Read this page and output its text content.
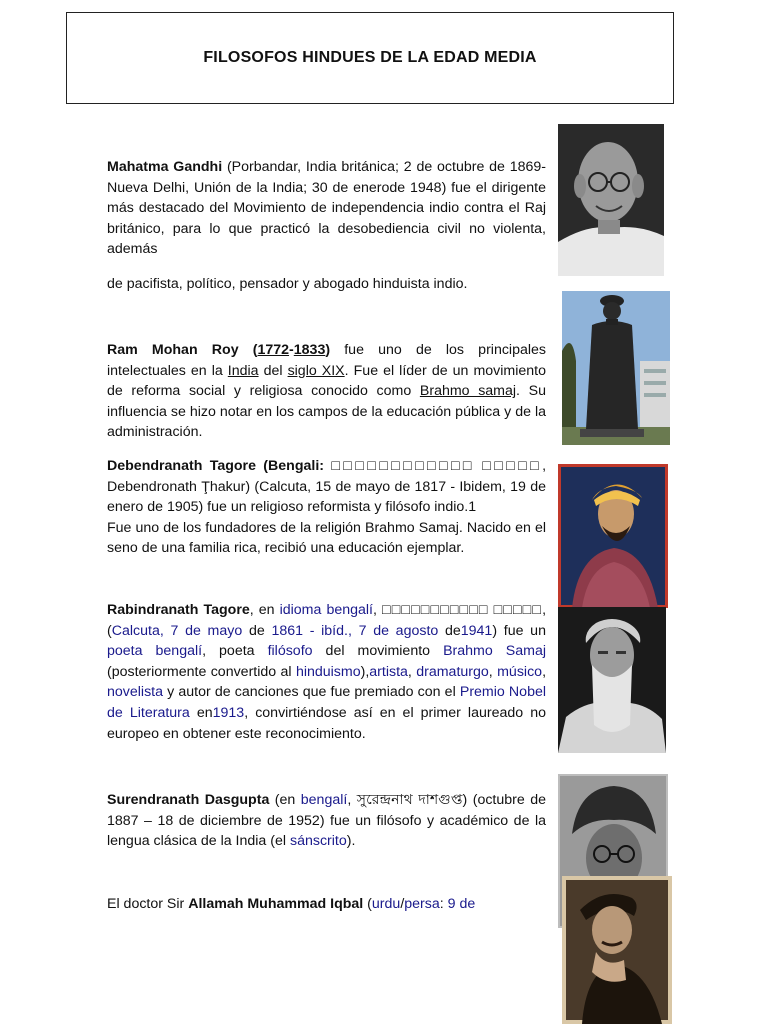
FILOSOFOS HINDUES DE LA EDAD MEDIA

Mahatma Gandhi (Porbandar, India británica; 2 de octubre de 1869-Nueva Delhi, Unión de la India; 30 de enerode 1948) fue el dirigente más destacado del Movimiento de independencia indio contra el Raj británico, para lo que practicó la desobediencia civil no violenta, además

de pacifista, político, pensador y abogado hinduista indio.

Ram Mohan Roy (1772-1833) fue uno de los principales intelectuales en la India del siglo XIX. Fue el líder de un movimiento de reforma social y religiosa conocido como Brahmo samaj. Su influencia se hizo notar en los campos de la educación pública y de la administración.

Debendranath Tagore (Bengali: □□□□□□□□□□□□ □□□□□, Debendronath Ţhakur) (Calcuta, 15 de mayo de 1817 - Ibidem, 19 de enero de 1905) fue un religioso reformista y filósofo indio.1
Fue uno de los fundadores de la religión Brahmo Samaj. Nacido en el seno de una familia rica, recibió una educación ejemplar.

Rabindranath Tagore, en idioma bengalí, □□□□□□□□□□□ □□□□□, (Calcuta, 7 de mayo de 1861 - ibíd., 7 de agosto de1941) fue un poeta bengalí, poeta filósofo del movimiento Brahmo Samaj (posteriormente convertido al hinduismo),artista, dramaturgo, músico, novelista y autor de canciones que fue premiado con el Premio Nobel de Literatura en1913, convirtiéndose así en el primer laureado no europeo en obtener este reconocimiento.

Surendranath Dasgupta (en bengalí, সুরেন্দ্রনাথ দাশগুপ্ত) (octubre de 1887 – 18 de diciembre de 1952) fue un filósofo y académico de la lengua clásica de la India (el sánscrito).

El doctor Sir Allamah Muhammad Iqbal (urdu/persa: 9 de
